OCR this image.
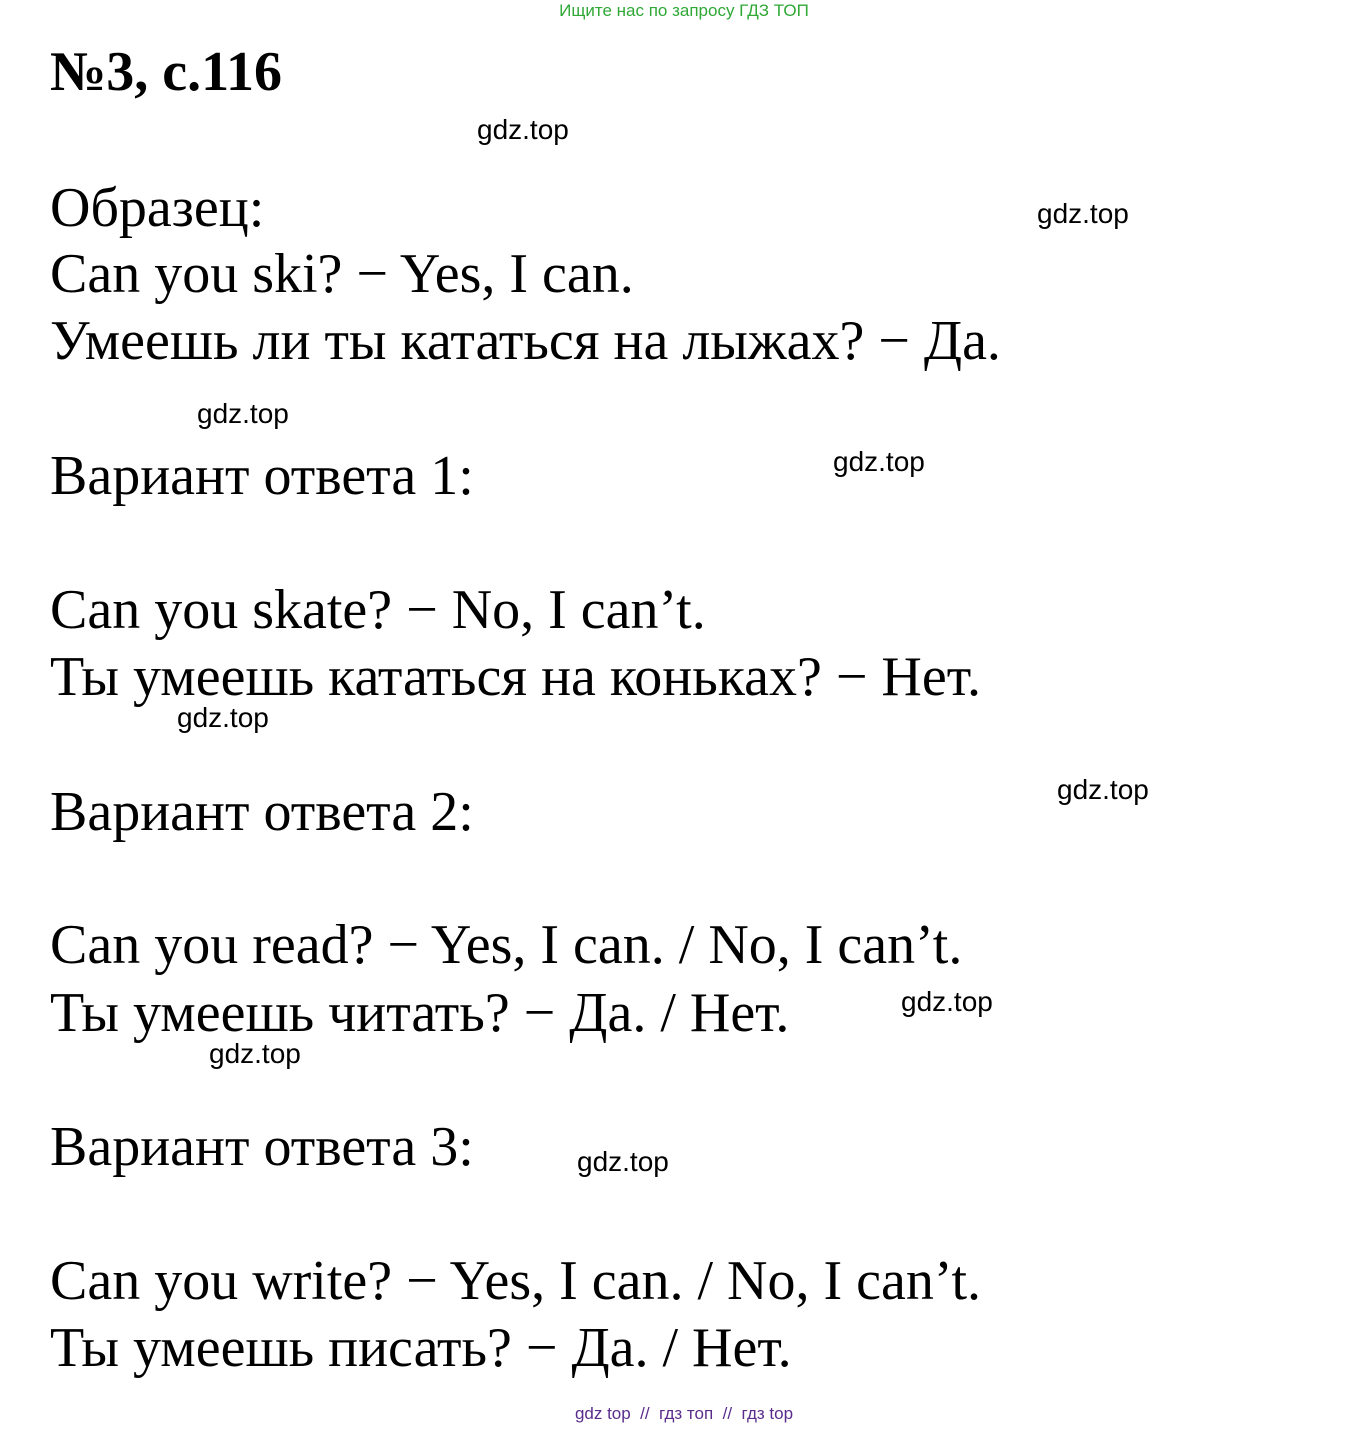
Ищите нас по запросу ГДЗ ТОП
№3, с.116
gdz.top
Образец:	gdz.top
Can you ski? − Yes, I can.
Умеешь ли ты кататься на лыжах? − Да.
gdz.top
Вариант ответа 1:	gdz.top
Can you skate? − No, I can’t.
Ты умеешь кататься на коньках? − Нет.
gdz.top
Вариант ответа 2:	gdz.top
Can you read? − Yes, I can. / No, I can’t.
Ты умеешь читать? − Да. / Нет.	gdz.top
gdz.top
Вариант ответа 3:	gdz.top
Can you write? − Yes, I can. / No, I can’t.
Ты умеешь писать? − Да. / Нет.
gdz top  //  гдз топ  //  гдз top
